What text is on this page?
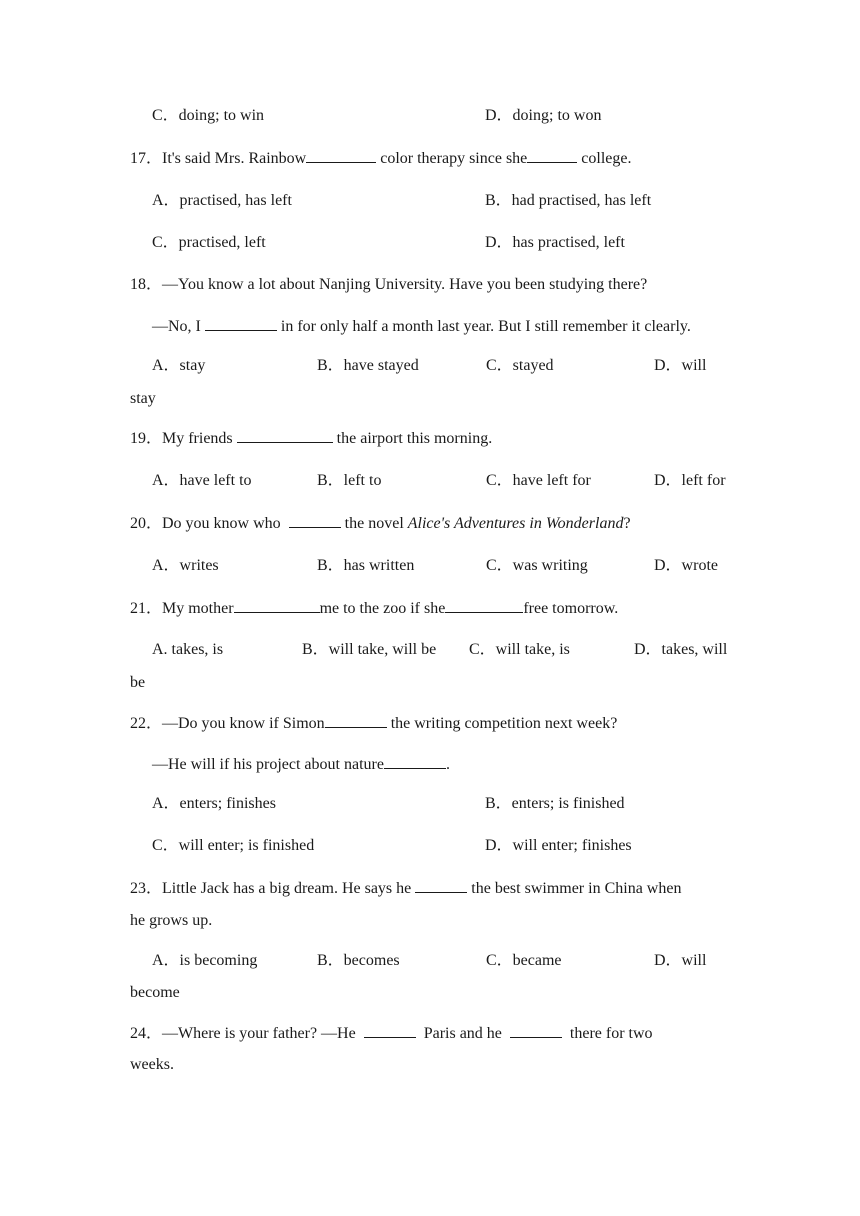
C．doing; to win	D．doing; to won
17．It's said Mrs. Rainbow	color therapy since she	college.
A．practised, has left	B．had practised, has left
C．practised, left	D．has practised, left
18．—You know a lot about Nanjing University. Have you been studying there?
—No, I	in for only half a month last year. But I still remember it clearly.
A．stay	B．have stayed	C．stayed	D．will
stay
19．My friends	the airport this morning.
A．have left to	B．left to	C．have left for	D．left for
20．Do you know who	the novel Alice's Adventures in Wonderland?
A．writes	B．has written	C．was writing	D．wrote
21．My mother	me to the zoo if she	free tomorrow.
A. takes, is	B．will take, will be C．will take, is	D．takes, will
be
22．—Do you know if Simon	the writing competition next week?
—He will if his project about nature	.
A．enters; finishes	B．enters; is finished
C．will enter; is finished	D．will enter; finishes
23．Little Jack has a big dream. He says he	the best swimmer in China when
he grows up.
A．is becoming	B．becomes	C．became	D．will
become
24．—Where is your father? —He	Paris and he	there for two
weeks.
